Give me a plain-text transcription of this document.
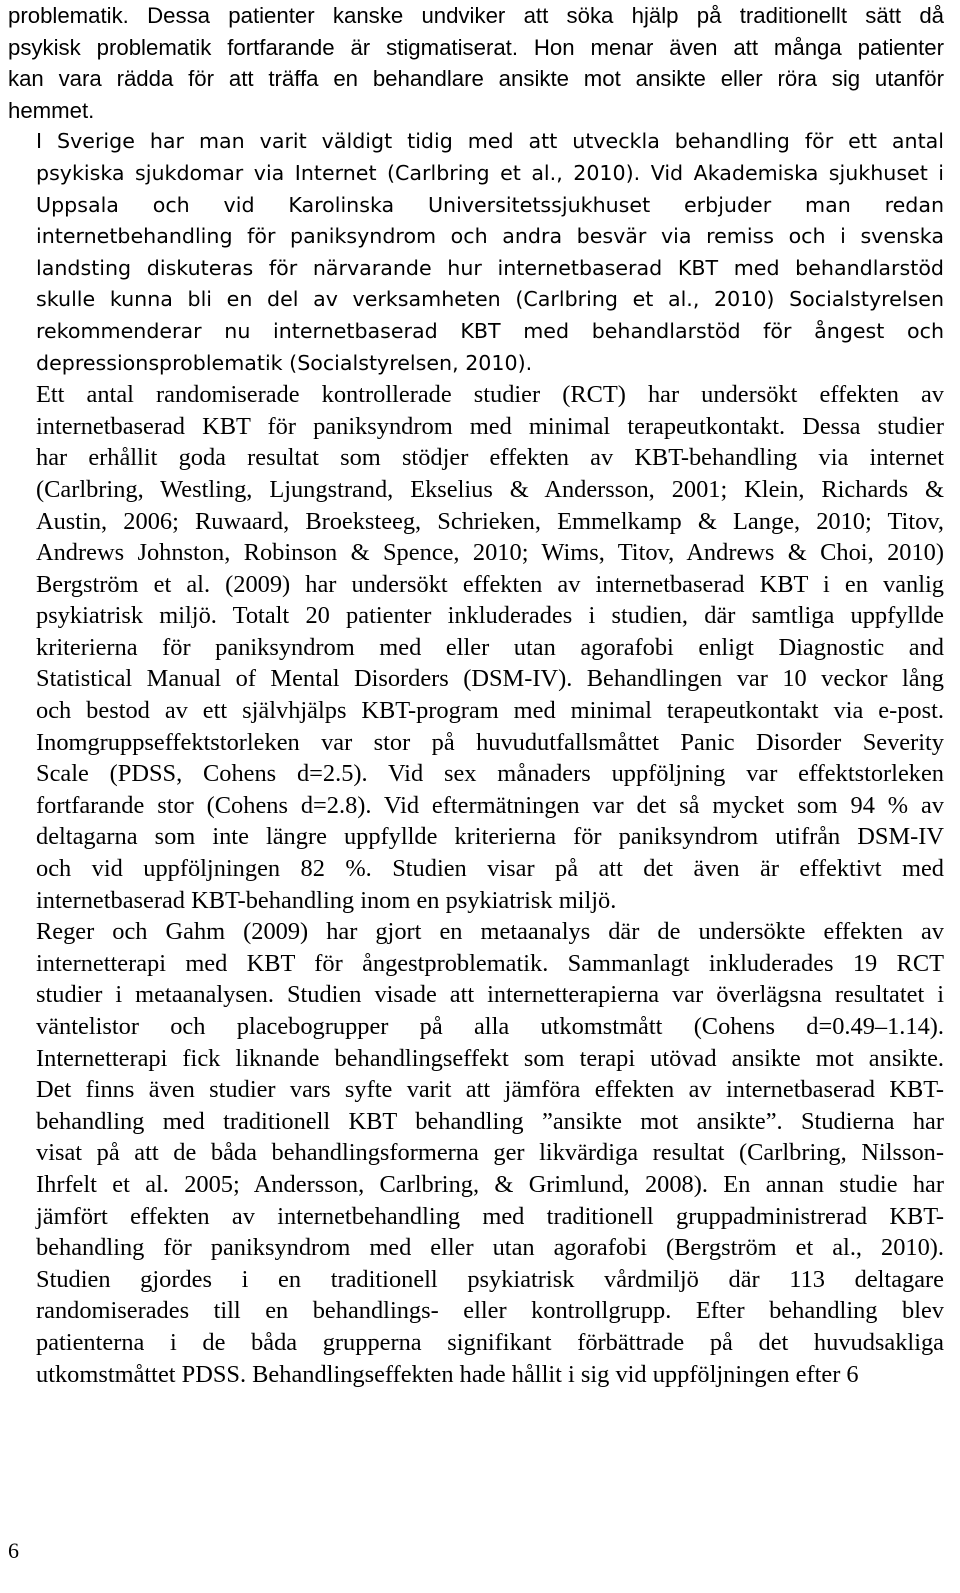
problematik. Dessa patienter kanske undviker att söka hjälp på traditionellt sätt då
psykisk problematik fortfarande är stigmatiserat. Hon menar även att många patienter
kan vara rädda för att träffa en behandlare ansikte mot ansikte eller röra sig utanför
hemmet.

I Sverige har man varit väldigt tidig med att utveckla behandling för ett antal
psykiska sjukdomar via Internet (Carlbring et al., 2010). Vid Akademiska sjukhuset i
Uppsala och vid Karolinska Universitetssjukhuset erbjuder man redan
internetbehandling för paniksyndrom och andra besvär via remiss och i svenska
landsting diskuteras för närvarande hur internetbaserad KBT med behandlarstöd
skulle kunna bli en del av verksamheten (Carlbring et al., 2010) Socialstyrelsen
rekommenderar nu internetbaserad KBT med behandlarstöd för ångest och
depressionsproblematik (Socialstyrelsen, 2010).

Ett antal randomiserade kontrollerade studier (RCT) har undersökt effekten av
internetbaserad KBT för paniksyndrom med minimal terapeutkontakt. Dessa studier
har erhållit goda resultat som stödjer effekten av KBT-behandling via internet
(Carlbring, Westling, Ljungstrand, Ekselius & Andersson, 2001; Klein, Richards &
Austin, 2006; Ruwaard, Broeksteeg, Schrieken, Emmelkamp & Lange, 2010; Titov,
Andrews Johnston, Robinson & Spence, 2010; Wims, Titov, Andrews & Choi, 2010)
Bergström et al. (2009) har undersökt effekten av internetbaserad KBT i en vanlig
psykiatrisk miljö. Totalt 20 patienter inkluderades i studien, där samtliga uppfyllde
kriterierna för paniksyndrom med eller utan agorafobi enligt Diagnostic and
Statistical Manual of Mental Disorders (DSM-IV). Behandlingen var 10 veckor lång
och bestod av ett självhjälps KBT-program med minimal terapeutkontakt via e-post.
Inomgruppseffektstorleken var stor på huvudutfallsmåttet Panic Disorder Severity
Scale (PDSS, Cohens d=2.5). Vid sex månaders uppföljning var effektstorleken
fortfarande stor (Cohens d=2.8). Vid eftermätningen var det så mycket som 94 % av
deltagarna som inte längre uppfyllde kriterierna för paniksyndrom utifrån DSM-IV
och vid uppföljningen 82 %. Studien visar på att det även är effektivt med
internetbaserad KBT-behandling inom en psykiatrisk miljö.

Reger och Gahm (2009) har gjort en metaanalys där de undersökte effekten av
internetterapi med KBT för ångestproblematik. Sammanlagt inkluderades 19 RCT
studier i metaanalysen. Studien visade att internetterapierna var överlägsna resultatet i
väntelistor och placebogrupper på alla utkomstmått (Cohens d=0.49–1.14).
Internetterapi fick liknande behandlingseffekt som terapi utövad ansikte mot ansikte.
Det finns även studier vars syfte varit att jämföra effekten av internetbaserad KBT-
behandling med traditionell KBT behandling ”ansikte mot ansikte”. Studierna har
visat på att de båda behandlingsformerna ger likvärdiga resultat (Carlbring, Nilsson-
Ihrfelt et al. 2005; Andersson, Carlbring, & Grimlund, 2008). En annan studie har
jämfört effekten av internetbehandling med traditionell gruppadministrerad KBT-
behandling för paniksyndrom med eller utan agorafobi (Bergström et al., 2010).
Studien gjordes i en traditionell psykiatrisk vårdmiljö där 113 deltagare
randomiserades till en behandlings- eller kontrollgrupp. Efter behandling blev
patienterna i de båda grupperna signifikant förbättrade på det huvudsakliga
utkomstmåttet PDSS. Behandlingseffekten hade hållit i sig vid uppföljningen efter 6

6
